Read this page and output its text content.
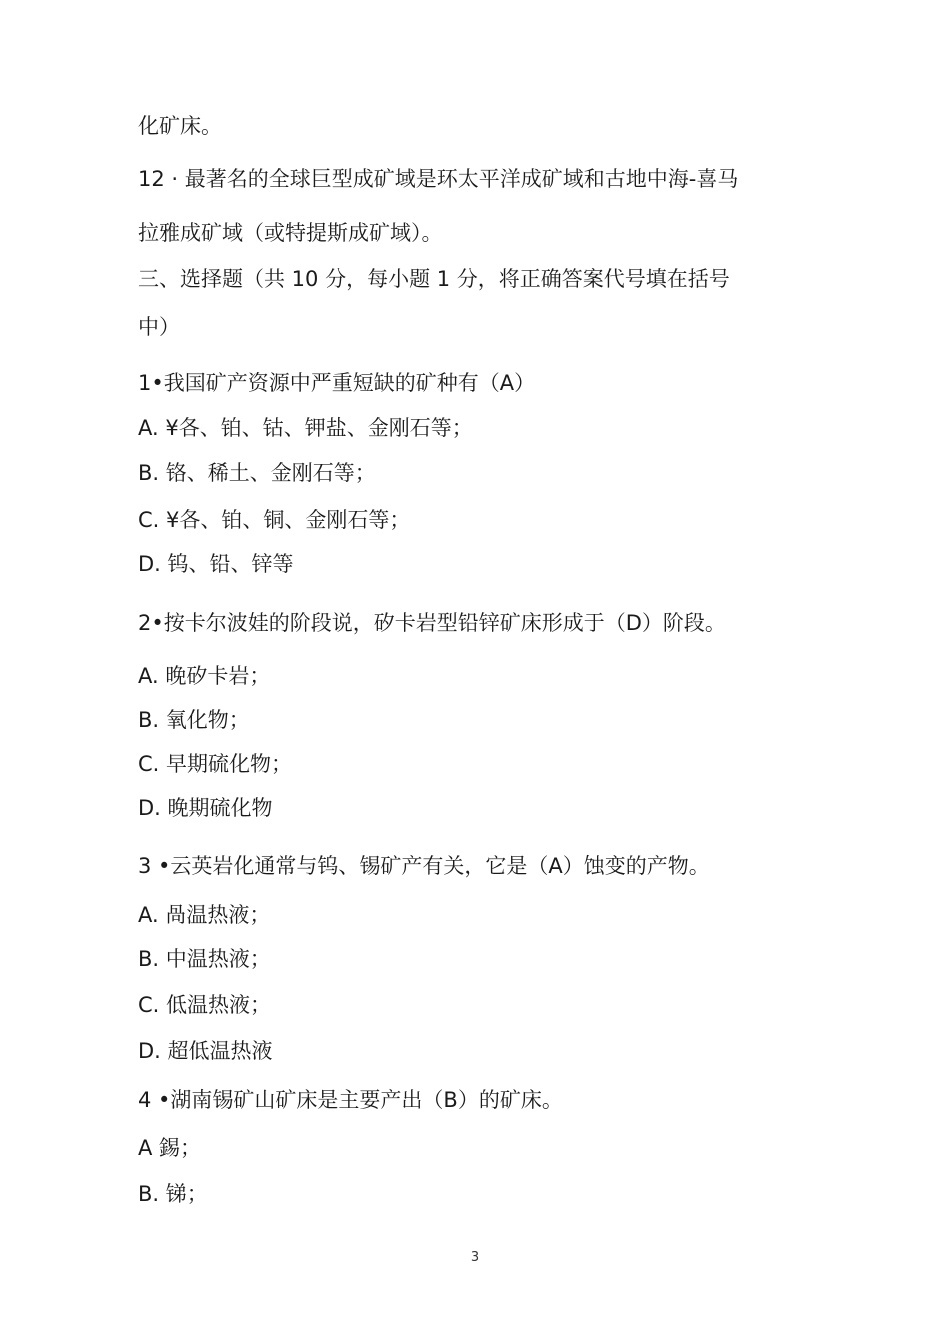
化矿床。
12 · 最著名的全球巨型成矿域是环太平洋成矿域和古地中海-喜马
拉雅成矿域（或特提斯成矿域）。
三、选择题（共 10 分，每小题 1 分，将正确答案代号填在括号
中）
1•我国矿产资源中严重短缺的矿种有（A）
A. ¥各、铂、钴、钾盐、金刚石等；
B. 铬、稀土、金刚石等；
C. ¥各、铂、铜、金刚石等；
D. 钨、铅、锌等
2•按卡尔波娃的阶段说，矽卡岩型铅锌矿床形成于（D）阶段。
A. 晚矽卡岩；
B. 氧化物；
C. 早期硫化物；
D. 晚期硫化物
3 •云英岩化通常与钨、锡矿产有关，它是（A）蚀变的产物。
A. 咼温热液；
B. 中温热液；
C. 低温热液；
D. 超低温热液
4 •湖南锡矿山矿床是主要产出（B）的矿床。
A 錫；
B. 锑；
3
